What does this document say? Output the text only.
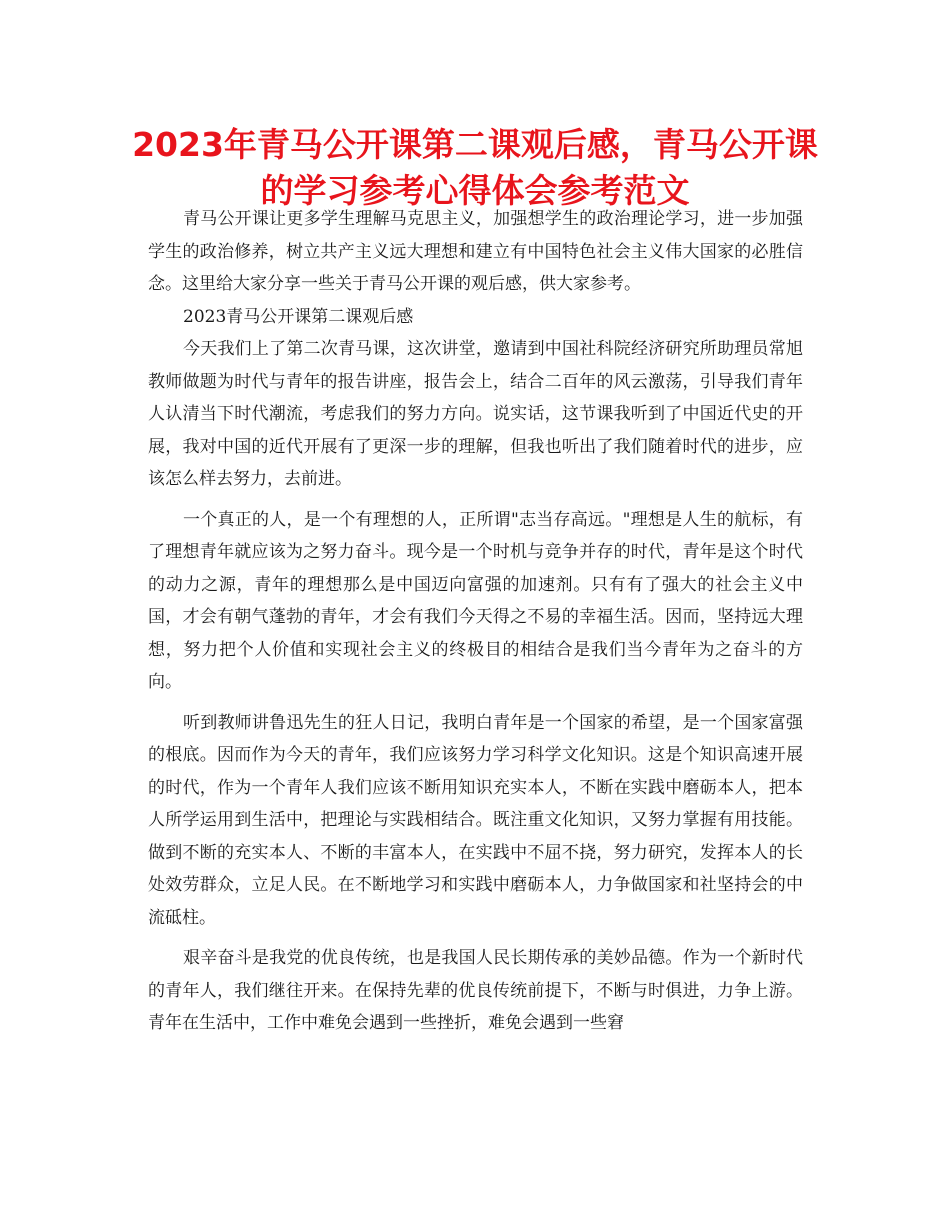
2023年青马公开课第二课观后感，青马公开课的学习参考心得体会参考范文

青马公开课让更多学生理解马克思主义，加强想学生的政治理论学习，进一步加强学生的政治修养，树立共产主义远大理想和建立有中国特色社会主义伟大国家的必胜信念。这里给大家分享一些关于青马公开课的观后感，供大家参考。

2023青马公开课第二课观后感

今天我们上了第二次青马课，这次讲堂，邀请到中国社科院经济研究所助理员常旭教师做题为时代与青年的报告讲座，报告会上，结合二百年的风云激荡，引导我们青年人认清当下时代潮流，考虑我们的努力方向。说实话，这节课我听到了中国近代史的开展，我对中国的近代开展有了更深一步的理解，但我也听出了我们随着时代的进步，应该怎么样去努力，去前进。

一个真正的人，是一个有理想的人，正所谓"志当存高远。"理想是人生的航标，有了理想青年就应该为之努力奋斗。现今是一个时机与竞争并存的时代，青年是这个时代的动力之源，青年的理想那么是中国迈向富强的加速剂。只有有了强大的社会主义中国，才会有朝气蓬勃的青年，才会有我们今天得之不易的幸福生活。因而，坚持远大理想，努力把个人价值和实现社会主义的终极目的相结合是我们当今青年为之奋斗的方向。

听到教师讲鲁迅先生的狂人日记，我明白青年是一个国家的希望，是一个国家富强的根底。因而作为今天的青年，我们应该努力学习科学文化知识。这是个知识高速开展的时代，作为一个青年人我们应该不断用知识充实本人，不断在实践中磨砺本人，把本人所学运用到生活中，把理论与实践相结合。既注重文化知识，又努力掌握有用技能。做到不断的充实本人、不断的丰富本人，在实践中不屈不挠，努力研究，发挥本人的长处效劳群众，立足人民。在不断地学习和实践中磨砺本人，力争做国家和社坚持会的中流砥柱。

艰辛奋斗是我党的优良传统，也是我国人民长期传承的美妙品德。作为一个新时代的青年人，我们继往开来。在保持先辈的优良传统前提下，不断与时俱进，力争上游。青年在生活中，工作中难免会遇到一些挫折，难免会遇到一些窘
